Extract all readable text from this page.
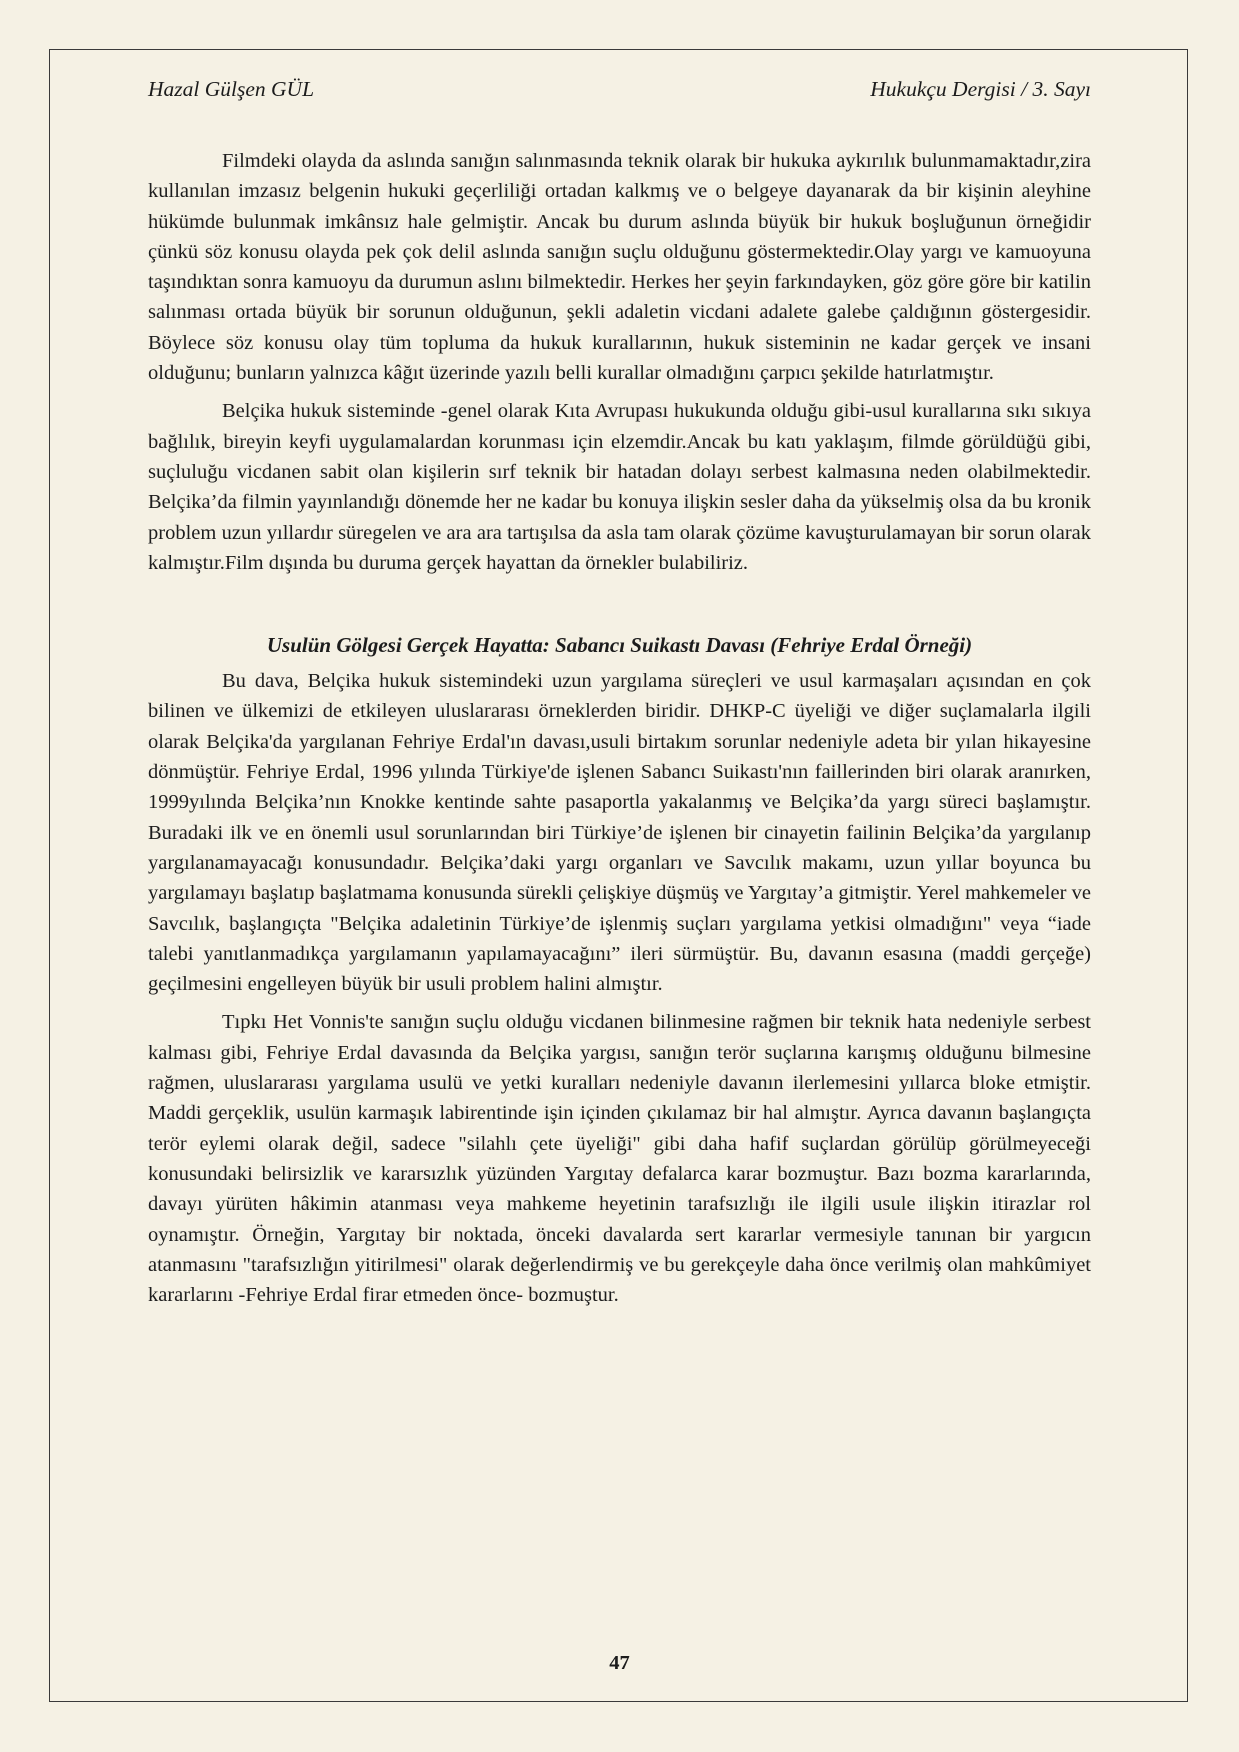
Hazal Gülşen GÜL	Hukukçu Dergisi / 3. Sayı

Filmdeki olayda da aslında sanığın salınmasında teknik olarak bir hukuka aykırılık bulunmamaktadır,zira kullanılan imzasız belgenin hukuki geçerliliği ortadan kalkmış ve o belgeye dayanarak da bir kişinin aleyhine hükümde bulunmak imkânsız hale gelmiştir. Ancak bu durum aslında büyük bir hukuk boşluğunun örneğidir çünkü söz konusu olayda pek çok delil aslında sanığın suçlu olduğunu göstermektedir.Olay yargı ve kamuoyuna taşındıktan sonra kamuoyu da durumun aslını bilmektedir. Herkes her şeyin farkındayken, göz göre göre bir katilin salınması ortada büyük bir sorunun olduğunun, şekli adaletin vicdani adalete galebe çaldığının göstergesidir. Böylece söz konusu olay tüm topluma da hukuk kurallarının, hukuk sisteminin ne kadar gerçek ve insani olduğunu; bunların yalnızca kâğıt üzerinde yazılı belli kurallar olmadığını çarpıcı şekilde hatırlatmıştır.

Belçika hukuk sisteminde -genel olarak Kıta Avrupası hukukunda olduğu gibi-usul kurallarına sıkı sıkıya bağlılık, bireyin keyfi uygulamalardan korunması için elzemdir.Ancak bu katı yaklaşım, filmde görüldüğü gibi, suçluluğu vicdanen sabit olan kişilerin sırf teknik bir hatadan dolayı serbest kalmasına neden olabilmektedir. Belçika’da filmin yayınlandığı dönemde her ne kadar bu konuya ilişkin sesler daha da yükselmiş olsa da bu kronik problem uzun yıllardır süregelen ve ara ara tartışılsa da asla tam olarak çözüme kavuşturulamayan bir sorun olarak kalmıştır.Film dışında bu duruma gerçek hayattan da örnekler bulabiliriz.

Usulün Gölgesi Gerçek Hayatta: Sabancı Suikastı Davası (Fehriye Erdal Örneği)

Bu dava, Belçika hukuk sistemindeki uzun yargılama süreçleri ve usul karmaşaları açısından en çok bilinen ve ülkemizi de etkileyen uluslararası örneklerden biridir. DHKP-C üyeliği ve diğer suçlamalarla ilgili olarak Belçika'da yargılanan Fehriye Erdal'ın davası,usuli birtakım sorunlar nedeniyle adeta bir yılan hikayesine dönmüştür. Fehriye Erdal, 1996 yılında Türkiye'de işlenen Sabancı Suikastı'nın faillerinden biri olarak aranırken, 1999yılında Belçika’nın Knokke kentinde sahte pasaportla yakalanmış ve Belçika’da yargı süreci başlamıştır. Buradaki ilk ve en önemli usul sorunlarından biri Türkiye’de işlenen bir cinayetin failinin Belçika’da yargılanıp yargılanamayacağı konusundadır. Belçika’daki yargı organları ve Savcılık makamı, uzun yıllar boyunca bu yargılamayı başlatıp başlatmama konusunda sürekli çelişkiye düşmüş ve Yargıtay’a gitmiştir. Yerel mahkemeler ve Savcılık, başlangıçta "Belçika adaletinin Türkiye’de işlenmiş suçları yargılama yetkisi olmadığını" veya “iade talebi yanıtlanmadıkça yargılamanın yapılamayacağını” ileri sürmüştür. Bu, davanın esasına (maddi gerçeğe) geçilmesini engelleyen büyük bir usuli problem halini almıştır.

Tıpkı Het Vonnis'te sanığın suçlu olduğu vicdanen bilinmesine rağmen bir teknik hata nedeniyle serbest kalması gibi, Fehriye Erdal davasında da Belçika yargısı, sanığın terör suçlarına karışmış olduğunu bilmesine rağmen, uluslararası yargılama usulü ve yetki kuralları nedeniyle davanın ilerlemesini yıllarca bloke etmiştir. Maddi gerçeklik, usulün karmaşık labirentinde işin içinden çıkılamaz bir hal almıştır. Ayrıca davanın başlangıçta terör eylemi olarak değil, sadece "silahlı çete üyeliği" gibi daha hafif suçlardan görülüp görülmeyeceği konusundaki belirsizlik ve kararsızlık yüzünden Yargıtay defalarca karar bozmuştur. Bazı bozma kararlarında, davayı yürüten hâkimin atanması veya mahkeme heyetinin tarafsızlığı ile ilgili usule ilişkin itirazlar rol oynamıştır. Örneğin, Yargıtay bir noktada, önceki davalarda sert kararlar vermesiyle tanınan bir yargıcın atanmasını "tarafsızlığın yitirilmesi" olarak değerlendirmiş ve bu gerekçeyle daha önce verilmiş olan mahkûmiyet kararlarını -Fehriye Erdal firar etmeden önce- bozmuştur.

47
